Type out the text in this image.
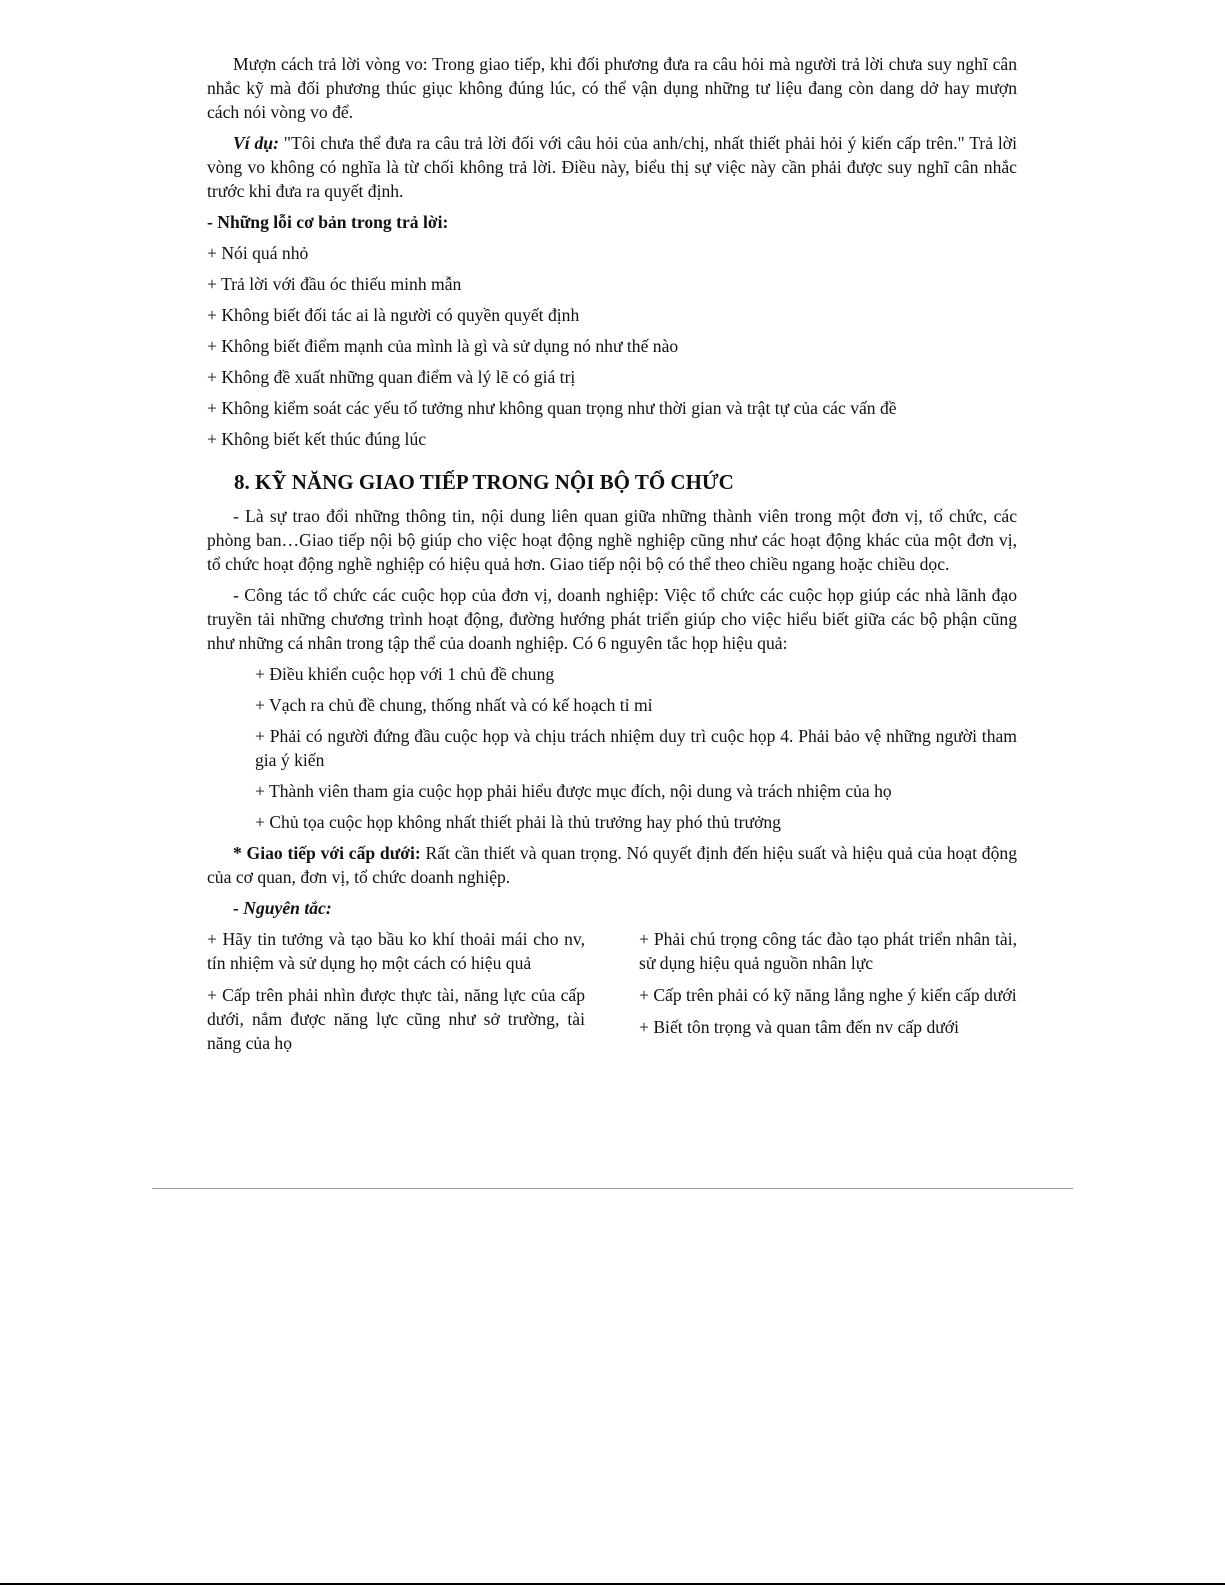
Mượn cách trả lời vòng vo: Trong giao tiếp, khi đối phương đưa ra câu hỏi mà người trả lời chưa suy nghĩ cân nhắc kỹ mà đối phương thúc giục không đúng lúc, có thể vận dụng những tư liệu đang còn dang dở hay mượn cách nói vòng vo để.

Ví dụ: "Tôi chưa thể đưa ra câu trả lời đối với câu hỏi của anh/chị, nhất thiết phải hỏi ý kiến cấp trên." Trả lời vòng vo không có nghĩa là từ chối không trả lời. Điều này, biểu thị sự việc này cần phải được suy nghĩ cân nhắc trước khi đưa ra quyết định.

- Những lỗi cơ bản trong trả lời:

+ Nói quá nhỏ

+ Trả lời với đầu óc thiếu minh mẫn

+ Không biết đối tác ai là người có quyền quyết định

+ Không biết điểm mạnh của mình là gì và sử dụng nó như thế nào

+ Không đề xuất những quan điểm và lý lẽ có giá trị

+ Không kiểm soát các yếu tố tưởng như không quan trọng như thời gian và trật tự của các vấn đề

+ Không biết kết thúc đúng lúc

8. KỸ NĂNG GIAO TIẾP TRONG NỘI BỘ TỔ CHỨC

- Là sự trao đổi những thông tin, nội dung liên quan giữa những thành viên trong một đơn vị, tổ chức, các phòng ban…Giao tiếp nội bộ giúp cho việc hoạt động nghề nghiệp cũng như các hoạt động khác của một đơn vị, tổ chức hoạt động nghề nghiệp có hiệu quả hơn. Giao tiếp nội bộ có thể theo chiều ngang hoặc chiều dọc.

- Công tác tổ chức các cuộc họp của đơn vị, doanh nghiệp: Việc tổ chức các cuộc họp giúp các nhà lãnh đạo truyền tải những chương trình hoạt động, đường hướng phát triển giúp cho việc hiểu biết giữa các bộ phận cũng như những cá nhân trong tập thể của doanh nghiệp. Có 6 nguyên tắc họp hiệu quả:

+ Điều khiển cuộc họp với 1 chủ đề chung

+ Vạch ra chủ đề chung, thống nhất và có kế hoạch tỉ mỉ

+ Phải có người đứng đầu cuộc họp và chịu trách nhiệm duy trì cuộc họp 4. Phải bảo vệ những người tham gia ý kiến

+ Thành viên tham gia cuộc họp phải hiểu được mục đích, nội dung và trách nhiệm của họ

+ Chủ tọa cuộc họp không nhất thiết phải là thủ trưởng hay phó thủ trưởng

* Giao tiếp với cấp dưới: Rất cần thiết và quan trọng. Nó quyết định đến hiệu suất và hiệu quả của hoạt động của cơ quan, đơn vị, tổ chức doanh nghiệp.

- Nguyên tắc:

+ Hãy tin tưởng và tạo bầu ko khí thoải mái cho nv, tín nhiệm và sử dụng họ một cách có hiệu quả

+ Cấp trên phải nhìn được thực tài, năng lực của cấp dưới, nắm được năng lực cũng như sở trường, tài năng của họ

+ Phải chú trọng công tác đào tạo phát triển nhân tài, sử dụng hiệu quả nguồn nhân lực

+ Cấp trên phải có kỹ năng lắng nghe ý kiến cấp dưới

+ Biết tôn trọng và quan tâm đến nv cấp dưới
